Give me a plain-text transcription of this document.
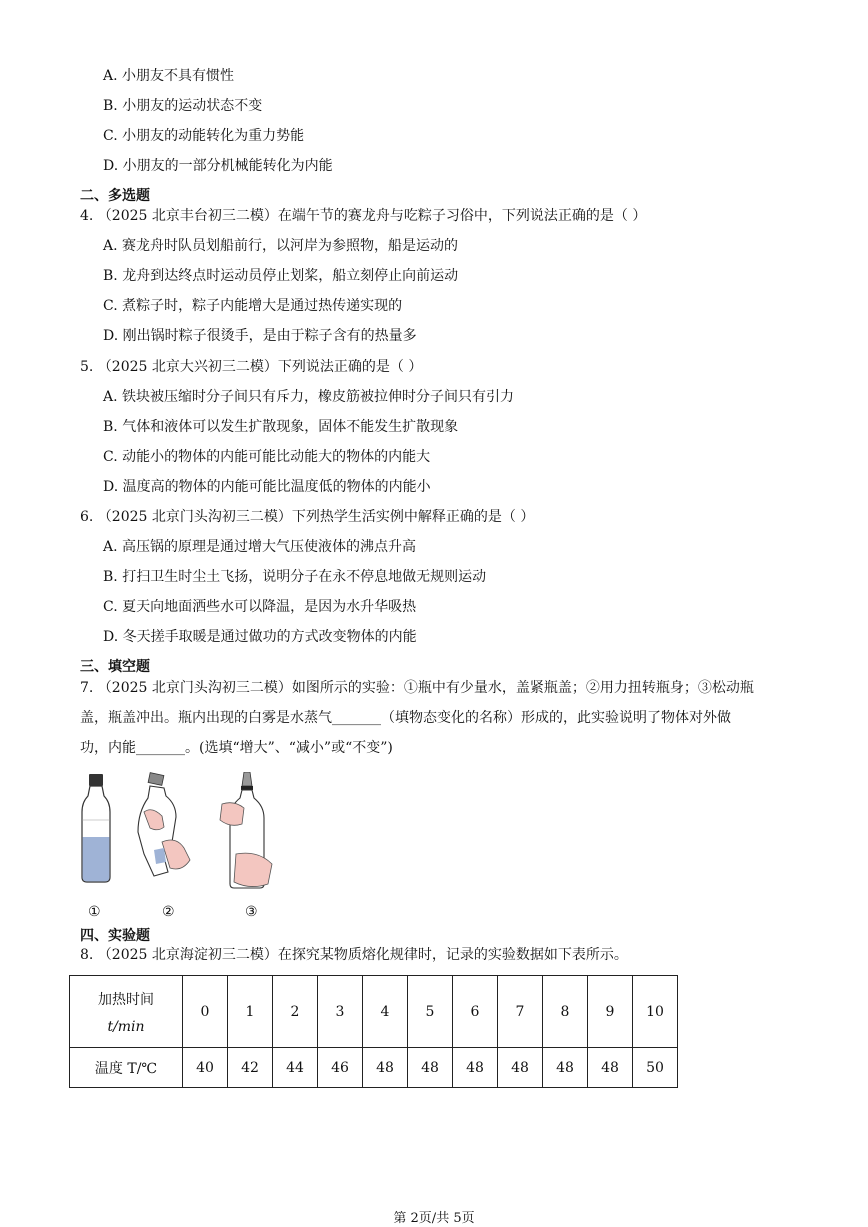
A. 小朋友不具有惯性
B. 小朋友的运动状态不变
C. 小朋友的动能转化为重力势能
D. 小朋友的一部分机械能转化为内能
二、多选题
4. （2025 北京丰台初三二模）在端午节的赛龙舟与吃粽子习俗中，下列说法正确的是（ ）
A. 赛龙舟时队员划船前行，以河岸为参照物，船是运动的
B. 龙舟到达终点时运动员停止划桨，船立刻停止向前运动
C. 煮粽子时，粽子内能增大是通过热传递实现的
D. 刚出锅时粽子很烫手，是由于粽子含有的热量多
5. （2025 北京大兴初三二模）下列说法正确的是（ ）
A. 铁块被压缩时分子间只有斥力，橡皮筋被拉伸时分子间只有引力
B. 气体和液体可以发生扩散现象，固体不能发生扩散现象
C. 动能小的物体的内能可能比动能大的物体的内能大
D. 温度高的物体的内能可能比温度低的物体的内能小
6. （2025 北京门头沟初三二模）下列热学生活实例中解释正确的是（ ）
A. 高压锅的原理是通过增大气压使液体的沸点升高
B. 打扫卫生时尘土飞扬，说明分子在永不停息地做无规则运动
C. 夏天向地面洒些水可以降温，是因为水升华吸热
D. 冬天搓手取暖是通过做功的方式改变物体的内能
三、填空题
7. （2025 北京门头沟初三二模）如图所示的实验：①瓶中有少量水，盖紧瓶盖；②用力扭转瓶身；③松动瓶
盖，瓶盖冲出。瓶内出现的白雾是水蒸气_______（填物态变化的名称）形成的，此实验说明了物体对外做
功，内能_______。(选填“增大”、“减小”或“不变”)
①	②	③
四、实验题
8. （2025 北京海淀初三二模）在探究某物质熔化规律时，记录的实验数据如下表所示。
加热时间
t/min	0	1	2	3	4	5	6	7	8	9	10
温度 T/℃	40	42	44	46	48	48	48	48	48	48	50
第 2页/共 5页
